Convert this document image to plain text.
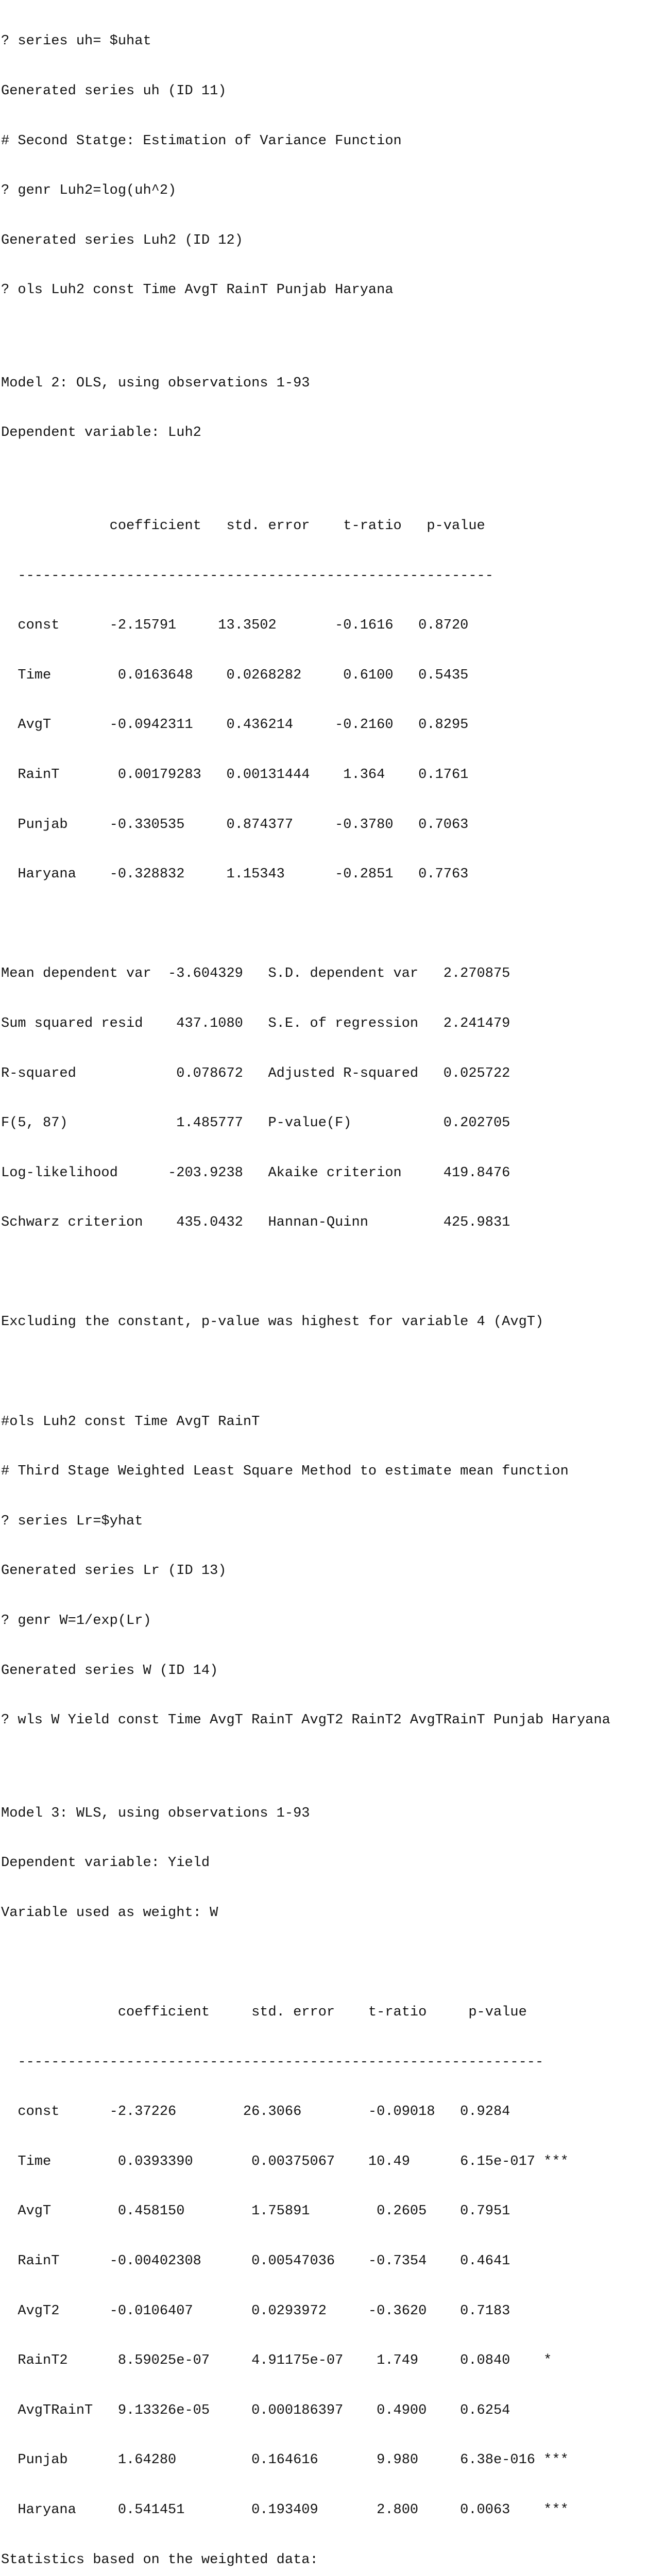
? series uh= $uhat

Generated series uh (ID 11)

# Second Statge: Estimation of Variance Function

? genr Luh2=log(uh^2)

Generated series Luh2 (ID 12)

? ols Luh2 const Time AvgT RainT Punjab Haryana

Model 2: OLS, using observations 1-93

Dependent variable: Luh2

coefficient   std. error    t-ratio   p-value

---------------------------------------------------------

const      -2.15791     13.3502       -0.1616   0.8720

Time        0.0163648    0.0268282     0.6100   0.5435

AvgT       -0.0942311    0.436214     -0.2160   0.8295

RainT       0.00179283   0.00131444    1.364    0.1761

Punjab     -0.330535     0.874377     -0.3780   0.7063

Haryana    -0.328832     1.15343      -0.2851   0.7763

Mean dependent var  -3.604329   S.D. dependent var   2.270875

Sum squared resid    437.1080   S.E. of regression   2.241479

R-squared            0.078672   Adjusted R-squared   0.025722

F(5, 87)             1.485777   P-value(F)           0.202705

Log-likelihood      -203.9238   Akaike criterion     419.8476

Schwarz criterion    435.0432   Hannan-Quinn         425.9831

Excluding the constant, p-value was highest for variable 4 (AvgT)

#ols Luh2 const Time AvgT RainT

# Third Stage Weighted Least Square Method to estimate mean function

? series Lr=$yhat

Generated series Lr (ID 13)

? genr W=1/exp(Lr)

Generated series W (ID 14)

? wls W Yield const Time AvgT RainT AvgT2 RainT2 AvgTRainT Punjab Haryana

Model 3: WLS, using observations 1-93

Dependent variable: Yield

Variable used as weight: W

coefficient     std. error    t-ratio     p-value

---------------------------------------------------------------

const      -2.37226        26.3066        -0.09018   0.9284

Time        0.0393390       0.00375067    10.49      6.15e-017 ***

AvgT        0.458150        1.75891        0.2605    0.7951

RainT      -0.00402308      0.00547036    -0.7354    0.4641

AvgT2      -0.0106407       0.0293972     -0.3620    0.7183

RainT2      8.59025e-07     4.91175e-07    1.749     0.0840    *

AvgTRainT   9.13326e-05     0.000186397    0.4900    0.6254

Punjab      1.64280         0.164616       9.980     6.38e-016 ***

Haryana     0.541451        0.193409       2.800     0.0063    ***

Statistics based on the weighted data:
